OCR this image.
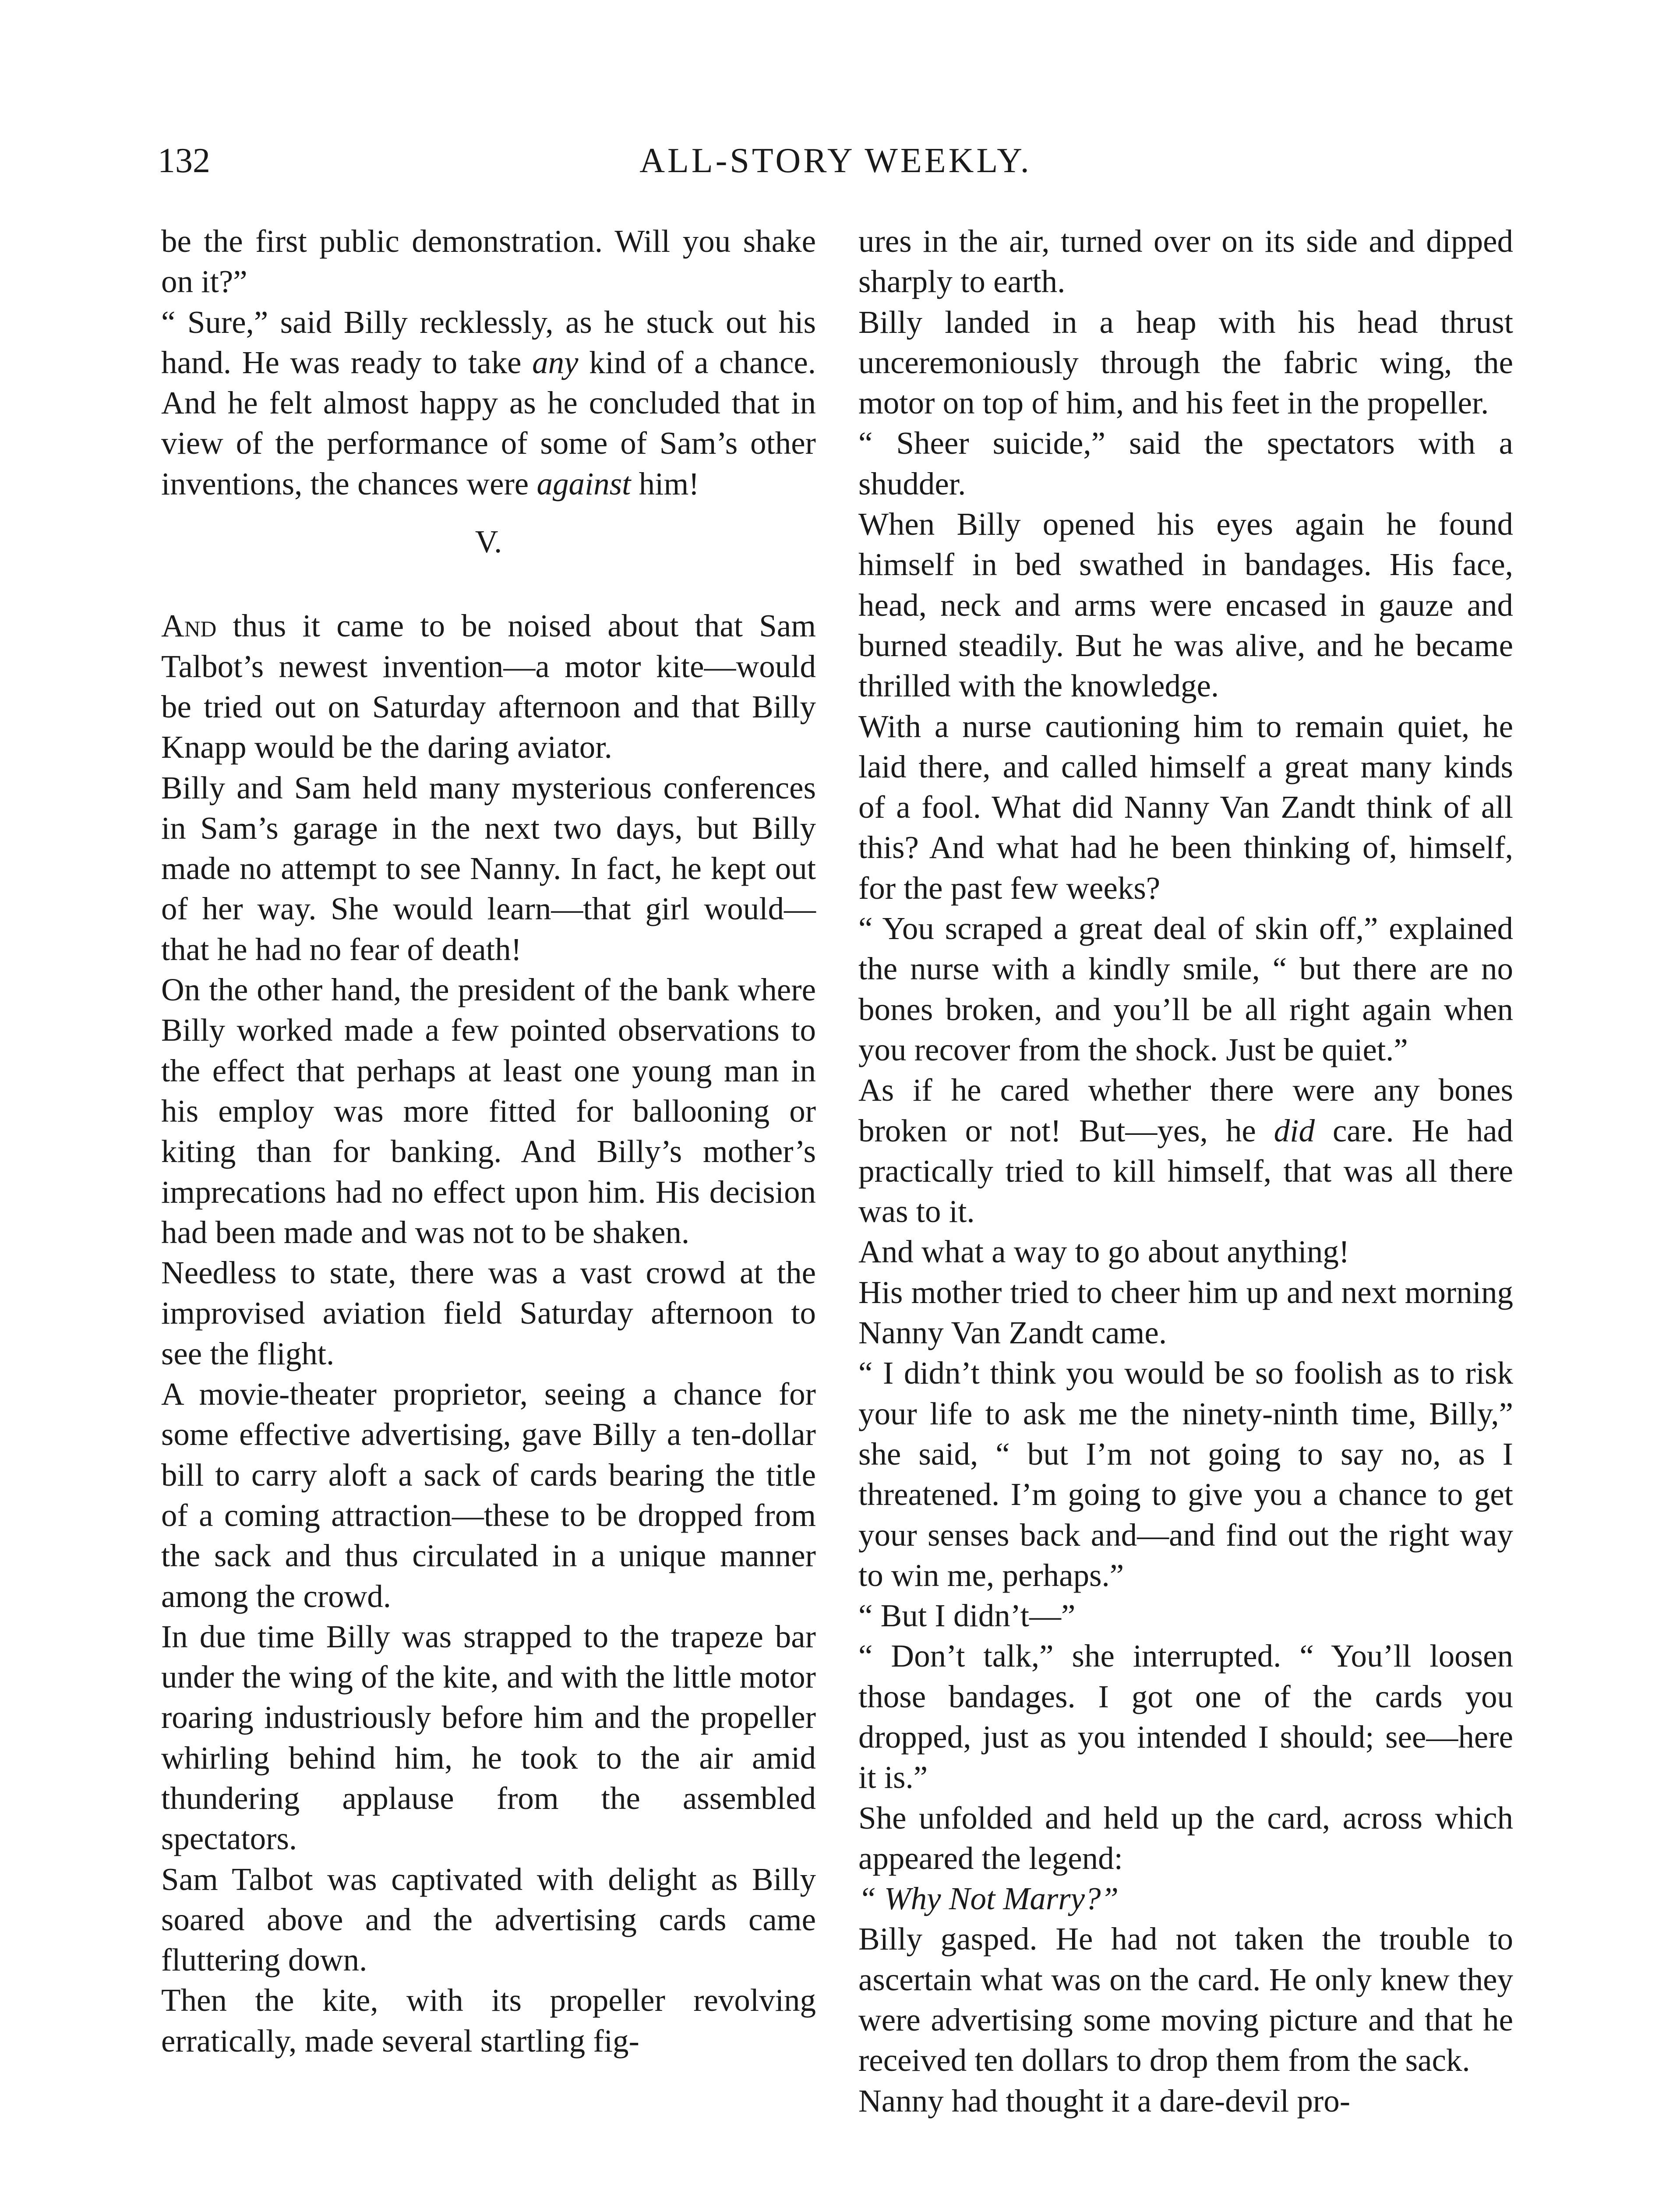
132	ALL-STORY WEEKLY.

be the first public demonstration. Will you shake on it?”

“ Sure,” said Billy recklessly, as he stuck out his hand. He was ready to take any kind of a chance. And he felt almost happy as he concluded that in view of the performance of some of Sam’s other inventions, the chances were against him!

V.

And thus it came to be noised about that Sam Talbot’s newest invention—a motor kite—would be tried out on Saturday afternoon and that Billy Knapp would be the daring aviator.

Billy and Sam held many mysterious conferences in Sam’s garage in the next two days, but Billy made no attempt to see Nanny. In fact, he kept out of her way. She would learn—that girl would—that he had no fear of death!

On the other hand, the president of the bank where Billy worked made a few pointed observations to the effect that perhaps at least one young man in his employ was more fitted for ballooning or kiting than for banking. And Billy’s mother’s imprecations had no effect upon him. His decision had been made and was not to be shaken.

Needless to state, there was a vast crowd at the improvised aviation field Saturday afternoon to see the flight.

A movie-theater proprietor, seeing a chance for some effective advertising, gave Billy a ten-dollar bill to carry aloft a sack of cards bearing the title of a coming attraction—these to be dropped from the sack and thus circulated in a unique manner among the crowd.

In due time Billy was strapped to the trapeze bar under the wing of the kite, and with the little motor roaring industriously before him and the propeller whirling behind him, he took to the air amid thundering applause from the assembled spectators.

Sam Talbot was captivated with delight as Billy soared above and the advertising cards came fluttering down.

Then the kite, with its propeller revolving erratically, made several startling fig-

ures in the air, turned over on its side and dipped sharply to earth.

Billy landed in a heap with his head thrust unceremoniously through the fabric wing, the motor on top of him, and his feet in the propeller.

“ Sheer suicide,” said the spectators with a shudder.

When Billy opened his eyes again he found himself in bed swathed in bandages. His face, head, neck and arms were encased in gauze and burned steadily. But he was alive, and he became thrilled with the knowledge.

With a nurse cautioning him to remain quiet, he laid there, and called himself a great many kinds of a fool. What did Nanny Van Zandt think of all this? And what had he been thinking of, himself, for the past few weeks?

“ You scraped a great deal of skin off,” explained the nurse with a kindly smile, “ but there are no bones broken, and you’ll be all right again when you recover from the shock. Just be quiet.”

As if he cared whether there were any bones broken or not! But—yes, he did care. He had practically tried to kill himself, that was all there was to it.

And what a way to go about anything!

His mother tried to cheer him up and next morning Nanny Van Zandt came.

“ I didn’t think you would be so foolish as to risk your life to ask me the ninety-ninth time, Billy,” she said, “ but I’m not going to say no, as I threatened. I’m going to give you a chance to get your senses back and—and find out the right way to win me, perhaps.”

“ But I didn’t—”

“ Don’t talk,” she interrupted. “ You’ll loosen those bandages. I got one of the cards you dropped, just as you intended I should; see—here it is.”

She unfolded and held up the card, across which appeared the legend:

“ Why Not Marry?”

Billy gasped. He had not taken the trouble to ascertain what was on the card. He only knew they were advertising some moving picture and that he received ten dollars to drop them from the sack.

Nanny had thought it a dare-devil pro-
